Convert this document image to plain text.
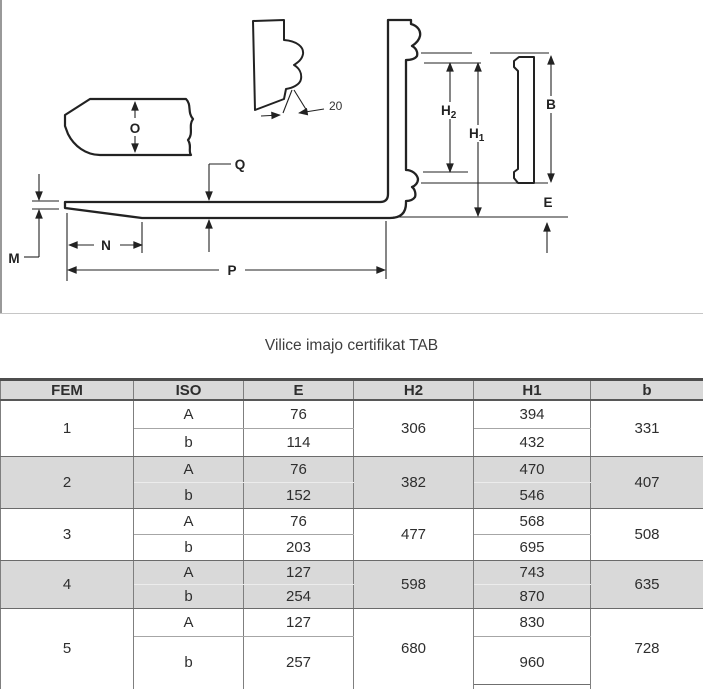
O
20
Q
M
N
P
$H_2$
$H_1$
B
E
Vilice imajo certifikat TAB
FEM	ISO	E	H2	H1	b
1	A	76	306	394	331
	b	114		432	
2	A	76	382	470	407
	b	152		546	
3	A	76	477	568	508
	b	203		695	
4	A	127	598	743	635
	b	254		870	
5	A	127	680	830	728
	b	257		960	
